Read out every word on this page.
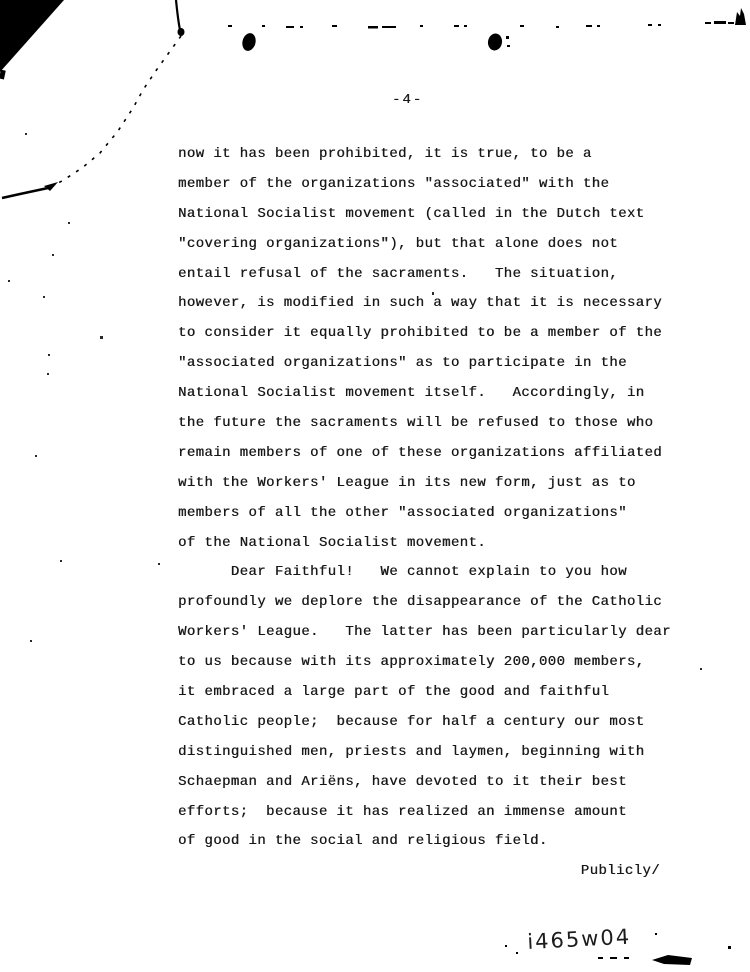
-4-
now it has been prohibited, it is true, to be a
member of the organizations "associated" with the
National Socialist movement (called in the Dutch text
"covering organizations"), but that alone does not
entail refusal of the sacraments.   The situation,
however, is modified in such a way that it is necessary
to consider it equally prohibited to be a member of the
"associated organizations" as to participate in the
National Socialist movement itself.   Accordingly, in
the future the sacraments will be refused to those who
remain members of one of these organizations affiliated
with the Workers' League in its new form, just as to
members of all the other "associated organizations"
of the National Socialist movement.
Dear Faithful!   We cannot explain to you how
profoundly we deplore the disappearance of the Catholic
Workers' League.   The latter has been particularly dear
to us because with its approximately 200,000 members,
it embraced a large part of the good and faithful
Catholic people;  because for half a century our most
distinguished men, priests and laymen, beginning with
Schaepman and Ariëns, have devoted to it their best
efforts;  because it has realized an immense amount
of good in the social and religious field.
Publicly/
i465w04
